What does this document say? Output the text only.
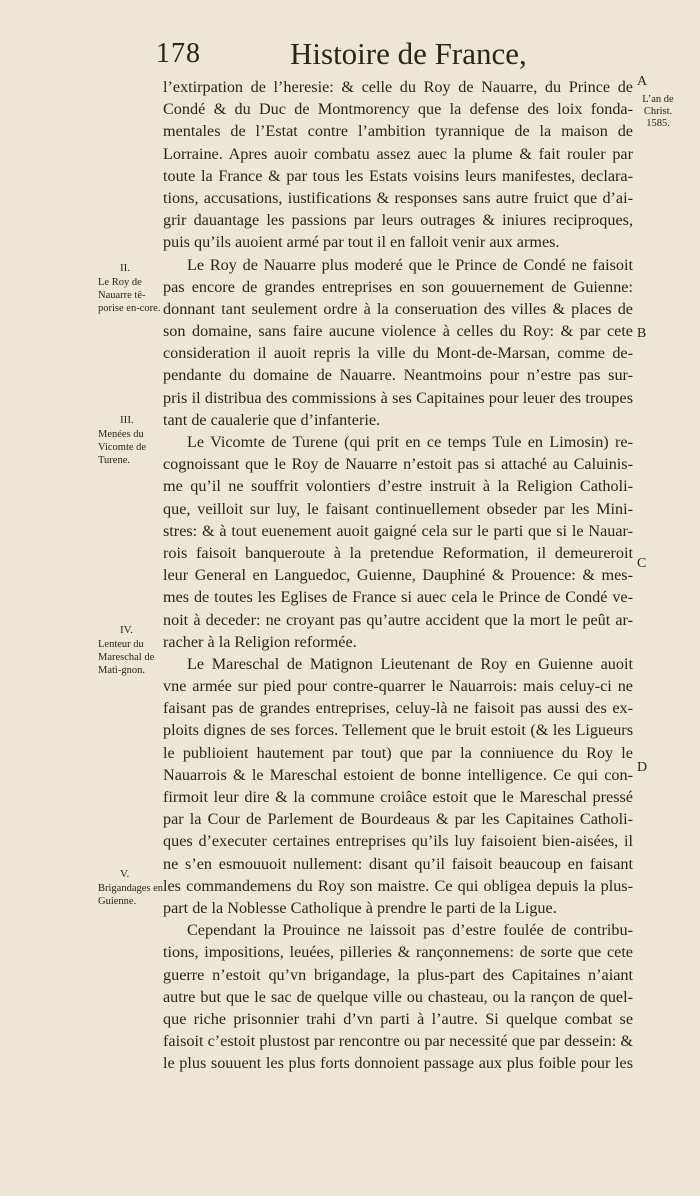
178	Histoire de France,
l’extirpation de l’heresie: & celle du Roy de Nauarre, du Prince de
Condé & du Duc de Montmorency que la defense des loix fonda-
mentales de l’Estat contre l’ambition tyrannique de la maison de
Lorraine. Apres auoir combatu assez auec la plume & fait rouler par
toute la France & par tous les Estats voisins leurs manifestes, declara-
tions, accusations, iustifications & responses sans autre fruict que d’ai-
grir dauantage les passions par leurs outrages & iniures reciproques,
puis qu’ils auoient armé par tout il en falloit venir aux armes.
Le Roy de Nauarre plus moderé que le Prince de Condé ne faisoit
pas encore de grandes entreprises en son gouuernement de Guienne:
donnant tant seulement ordre à la conseruation des villes & places de
son domaine, sans faire aucune violence à celles du Roy: & par cete
consideration il auoit repris la ville du Mont-de-Marsan, comme de-
pendante du domaine de Nauarre. Neantmoins pour n’estre pas sur-
pris il distribua des commissions à ses Capitaines pour leuer des troupes
tant de caualerie que d’infanterie.
Le Vicomte de Turene (qui prit en ce temps Tule en Limosin) re-
cognoissant que le Roy de Nauarre n’estoit pas si attaché au Caluinis-
me qu’il ne souffrit volontiers d’estre instruit à la Religion Catholi-
que, veilloit sur luy, le faisant continuellement obseder par les Mini-
stres: & à tout euenement auoit gaigné cela sur le parti que si le Nauar-
rois faisoit banqueroute à la pretendue Reformation, il demeureroit
leur General en Languedoc, Guienne, Dauphiné & Prouence: & mes-
mes de toutes les Eglises de France si auec cela le Prince de Condé ve-
noit à deceder: ne croyant pas qu’autre accident que la mort le peût ar-
racher à la Religion reformée.
Le Mareschal de Matignon Lieutenant de Roy en Guienne auoit
vne armée sur pied pour contre-quarrer le Nauarrois: mais celuy-ci ne
faisant pas de grandes entreprises, celuy-là ne faisoit pas aussi des ex-
ploits dignes de ses forces. Tellement que le bruit estoit (& les Ligueurs
le publioient hautement par tout) que par la conniuence du Roy le
Nauarrois & le Mareschal estoient de bonne intelligence. Ce qui con-
firmoit leur dire & la commune croiâce estoit que le Mareschal pressé
par la Cour de Parlement de Bourdeaus & par les Capitaines Catholi-
ques d’executer certaines entreprises qu’ils luy faisoient bien-aisées, il
ne s’en esmouuoit nullement: disant qu’il faisoit beaucoup en faisant
les commandemens du Roy son maistre. Ce qui obligea depuis la plus-
part de la Noblesse Catholique à prendre le parti de la Ligue.
Cependant la Prouince ne laissoit pas d’estre foulée de contribu-
tions, impositions, leuées, pilleries & rançonnemens: de sorte que cete
guerre n’estoit qu’vn brigandage, la plus-part des Capitaines n’aiant
autre but que le sac de quelque ville ou chasteau, ou la rançon de quel-
que riche prisonnier trahi d’vn parti à l’autre. Si quelque combat se
faisoit c’estoit plustost par rencontre ou par necessité que par dessein: &
le plus souuent les plus forts donnoient passage aux plus foible pour les
II.
Le Roy de Nauarre tê-porise en-core.
III.
Menées du Vicomte de Turene.
IV.
Lenteur du Mareschal de Mati-gnon.
V.
Brigandages en Guienne.
L’an de Christ.
1585.
A
B
C
D
